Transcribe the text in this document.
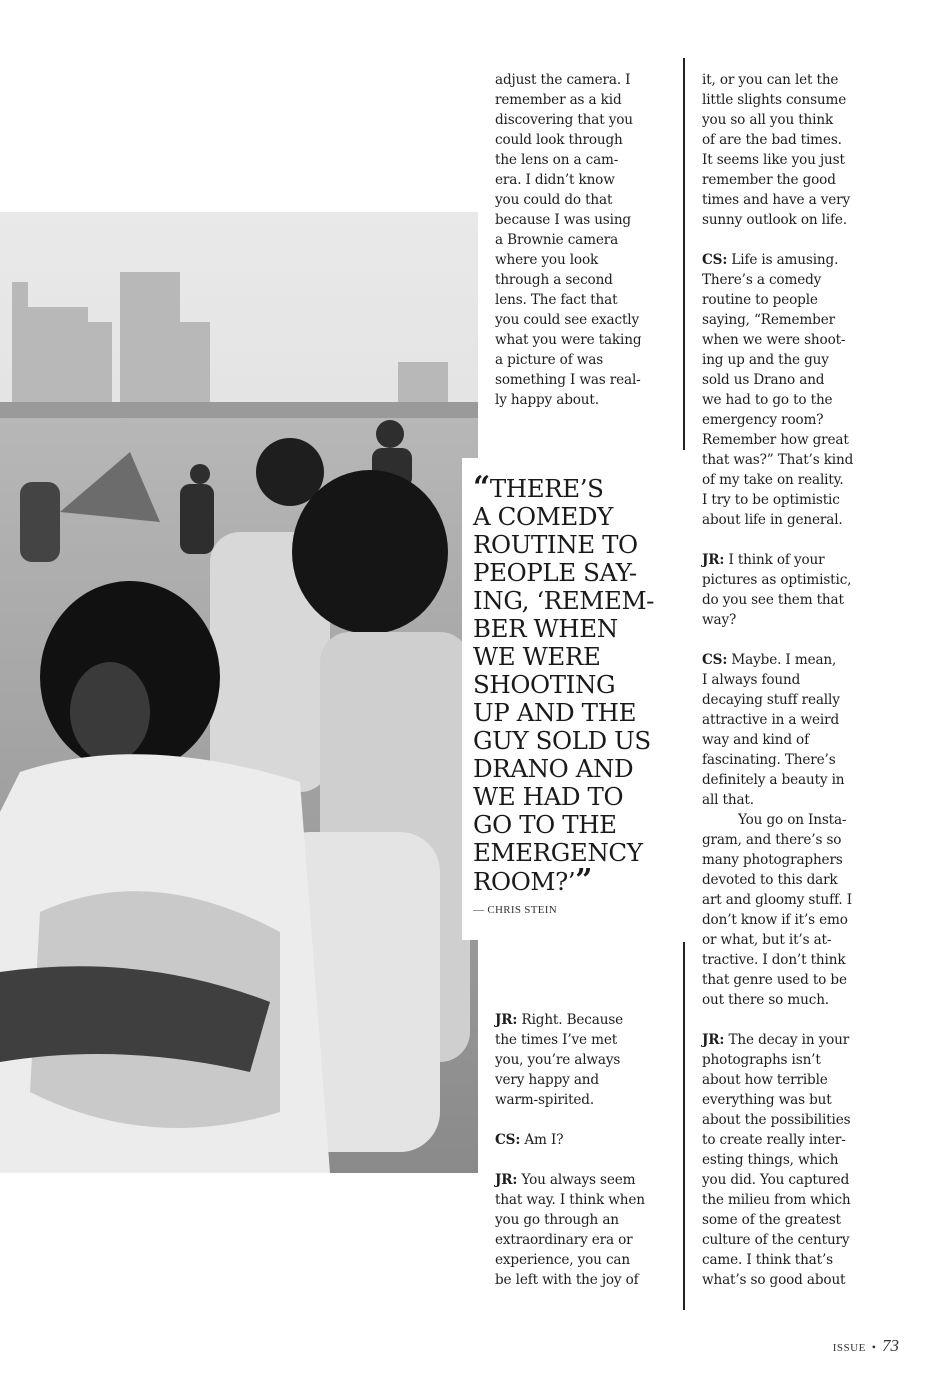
“THERE’S
A COMEDY
ROUTINE TO
PEOPLE SAY-
ING, ‘REMEM-
BER WHEN
WE WERE
SHOOTING
UP AND THE
GUY SOLD US
DRANO AND
WE HAD TO
GO TO THE
EMERGENCY
ROOM?’”
— CHRIS STEIN

adjust the camera. I
remember as a kid
discovering that you
could look through
the lens on a cam-
era. I didn’t know
you could do that
because I was using
a Brownie camera
where you look
through a second
lens. The fact that
you could see exactly
what you were taking
a picture of was
something I was real-
ly happy about.

JR: Right. Because
the times I’ve met
you, you’re always
very happy and
warm-spirited.

CS: Am I?

JR: You always seem
that way. I think when
you go through an
extraordinary era or
experience, you can
be left with the joy of

it, or you can let the
little slights consume
you so all you think
of are the bad times.
It seems like you just
remember the good
times and have a very
sunny outlook on life.

CS: Life is amusing.
There’s a comedy
routine to people
saying, “Remember
when we were shoot-
ing up and the guy
sold us Drano and
we had to go to the
emergency room?
Remember how great
that was?” That’s kind
of my take on reality.
I try to be optimistic
about life in general.

JR: I think of your
pictures as optimistic,
do you see them that
way?

CS: Maybe. I mean,
I always found
decaying stuff really
attractive in a weird
way and kind of
fascinating. There’s
definitely a beauty in
all that.

You go on Insta-
gram, and there’s so
many photographers
devoted to this dark
art and gloomy stuff. I
don’t know if it’s emo
or what, but it’s at-
tractive. I don’t think
that genre used to be
out there so much.

JR: The decay in your
photographs isn’t
about how terrible
everything was but
about the possibilities
to create really inter-
esting things, which
you did. You captured
the milieu from which
some of the greatest
culture of the century
came. I think that’s
what’s so good about

ISSUE • 73
